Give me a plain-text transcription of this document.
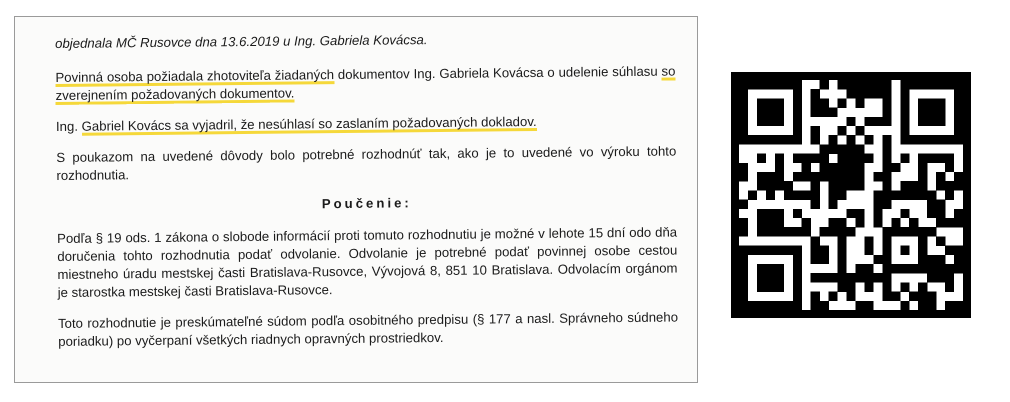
objednala MČ Rusovce dna 13.6.2019 u Ing. Gabriela Kovácsa.

Povinná osoba požiadala zhotoviteľa žiadaných dokumentov Ing. Gabriela Kovácsa o udelenie súhlasu so zverejnením požadovaných dokumentov.

Ing. Gabriel Kovács sa vyjadril, že nesúhlasí so zaslaním požadovaných dokladov.

S poukazom na uvedené dôvody bolo potrebné rozhodnúť tak, ako je to uvedené vo výroku tohto rozhodnutia.

Poučenie:

Podľa § 19 ods. 1 zákona o slobode informácií proti tomuto rozhodnutiu je možné v lehote 15 dní odo dňa doručenia tohto rozhodnutia podať odvolanie. Odvolanie je potrebné podať povinnej osobe cestou miestneho úradu mestskej časti Bratislava-Rusovce, Vývojová 8, 851 10 Bratislava. Odvolacím orgánom je starostka mestskej časti Bratislava-Rusovce.

Toto rozhodnutie je preskúmateľné súdom podľa osobitného predpisu (§ 177 a nasl. Správneho súdneho poriadku) po vyčerpaní všetkých riadnych opravných prostriedkov.
